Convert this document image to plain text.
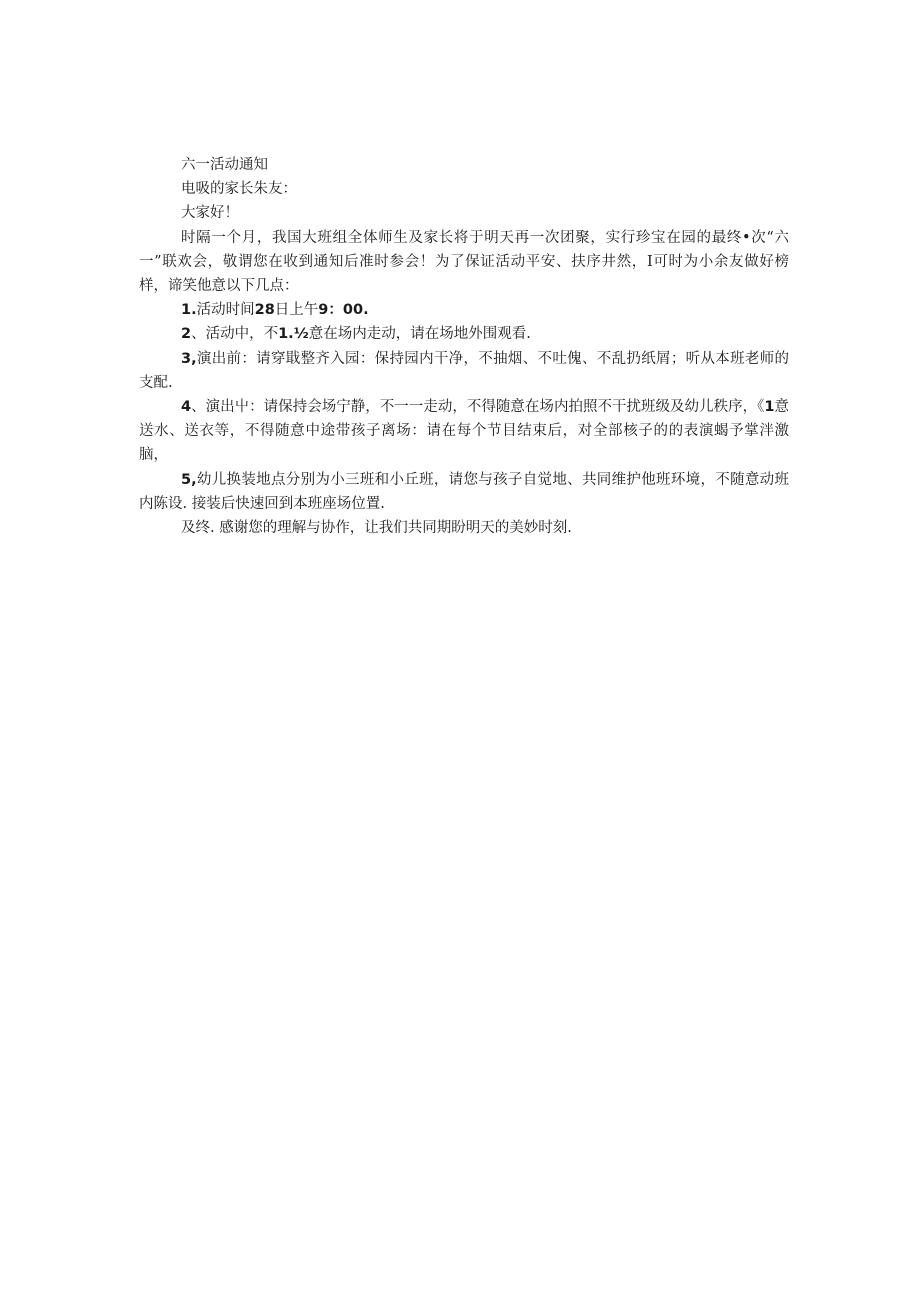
六一活动通知

电吸的家长朱友：

大家好！

时隔一个月，我国大班组全体师生及家长将于明天再一次团聚，实行珍宝在园的最终•次“六一”联欢会，敬谓您在收到通知后准时参会！为了保证活动平安、扶序井然，I可时为小余友做好榜样，谛笑他意以下几点：

1.活动时间28日上午9：00.

2、活动中，不1.½意在场内走动，请在场地外围观看.

3,演出前：请穿戢整齐入园：保持园内干净，不抽烟、不吐傀、不乱扔纸屑；听从本班老师的支配.

4、演出屮：请保持会场宁静，不一一走动，不得随意在场内拍照不干扰班级及幼儿秩序，《1意送水、送衣等，不得随意中途带孩子离场：请在每个节目结束后，对全部核子的的表演蝎予掌泮激脑，

5,幼儿换装地点分别为小三班和小丘班，请您与孩子自觉地、共同维护他班环境，不随意动班内陈设. 接装后快速回到本班座场位置.

及终. 感谢您的理解与协作，让我们共同期盼明天的美妙时刻.
